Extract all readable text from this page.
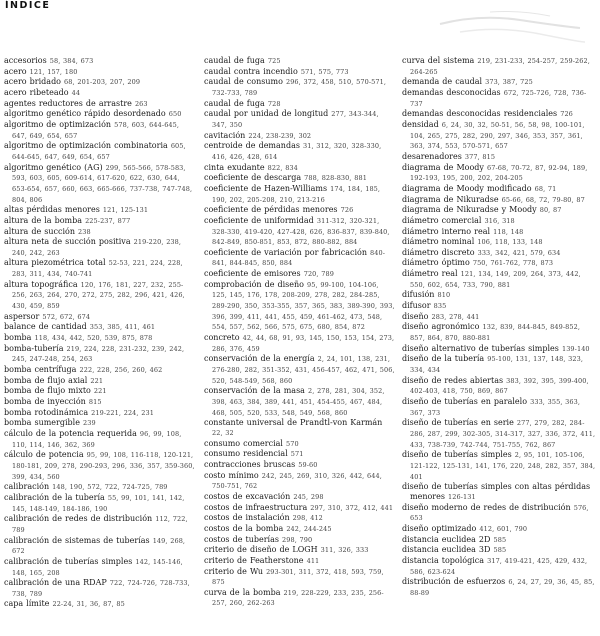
ÍNDICE

accesorios 58, 384, 673

acero 121, 157, 180

acero bridado 68, 201-203, 207, 209

acero ribeteado 44

agentes reductores de arrastre 263

algoritmo genético rápido desordenado 650

algoritmo de optimización 578, 603, 644-645, 647, 649, 654, 657

algoritmo de optimización combinatoria 605, 644-645, 647, 649, 654, 657

algoritmo genético (AG) 299, 565-566, 578-583, 593, 603, 605, 609-614, 617-620, 622, 630, 644, 653-654, 657, 660, 663, 665-666, 737-738, 747-748, 804, 806

altas pérdidas menores 121, 125-131

altura de la bomba 225-237, 877

altura de succión 238

altura neta de succión positiva 219-220, 238, 240, 242, 263

altura piezométrica total 52-53, 221, 224, 228, 283, 311, 434, 740-741

altura topográfica 120, 176, 181, 227, 232, 255-256, 263, 264, 270, 272, 275, 282, 296, 421, 426, 430, 459, 859

aspersor 572, 672, 674

balance de cantidad 353, 385, 411, 461

bomba 118, 434, 442, 520, 539, 875, 878

bomba-tubería 219, 224, 228, 231-232, 239, 242, 245, 247-248, 254, 263

bomba centrífuga 222, 228, 256, 260, 462

bomba de flujo axial 221

bomba de flujo mixto 221

bomba de inyección 815

bomba rotodinámica 219-221, 224, 231

bomba sumergible 239

cálculo de la potencia requerida 96, 99, 108, 110, 114, 146, 362, 369

cálculo de potencia 95, 99, 108, 116-118, 120-121, 180-181, 209, 278, 290-293, 296, 336, 357, 359-360, 399, 434, 560

calibración 148, 190, 572, 722, 724-725, 789

calibración de la tubería 55, 99, 101, 141, 142, 145, 148-149, 184-186, 190

calibración de redes de distribución 112, 722, 789

calibración de sistemas de tuberías 149, 268, 672

calibración de tuberías simples 142, 145-146, 148, 165, 208

calibración de una RDAP 722, 724-726, 728-733, 738, 789

capa límite 22-24, 31, 36, 87, 85

caudal de fuga 725

caudal contra incendio 571, 575, 773

caudal de consumo 296, 372, 458, 510, 570-571, 732-733, 789

caudal de fuga 728

caudal por unidad de longitud 277, 343-344, 347, 350

cavitación 224, 238-239, 302

centroide de demandas 31, 312, 320, 328-330, 416, 426, 428, 614

cinta exudante 822, 834

coeficiente de descarga 788, 828-830, 881

coeficiente de Hazen-Williams 174, 184, 185, 190, 202, 205-208, 210, 213-216

coeficiente de pérdidas menores 726

coeficiente de uniformidad 311-312, 320-321, 328-330, 419-420, 427-428, 626, 836-837, 839-840, 842-849, 850-851, 853, 872, 880-882, 884

coeficiente de variación por fabricación 840-841, 844-845, 850, 884

coeficiente de emisores 720, 789

comprobación de diseño 95, 99-100, 104-106, 125, 145, 176, 178, 208-209, 278, 282, 284-285, 289-290, 350, 353-355, 357, 365, 383, 389-390, 393, 396, 399, 411, 441, 455, 459, 461-462, 473, 548, 554, 557, 562, 566, 575, 675, 680, 854, 872

concreto 42, 44, 68, 91, 93, 145, 150, 153, 154, 273, 286, 376, 459

conservación de la energía 2, 24, 101, 138, 231, 276-280, 282, 351-352, 431, 456-457, 462, 471, 506, 520, 548-549, 568, 860

conservación de la masa 2, 278, 281, 304, 352, 398, 463, 384, 389, 441, 451, 454-455, 467, 484, 468, 505, 520, 533, 548, 549, 568, 860

constante universal de Prandtl-von Karmán 22, 32

consumo comercial 570

consumo residencial 571

contracciones bruscas 59-60

costo mínimo 242, 245, 269, 310, 326, 442, 644, 750-751, 762

costos de excavación 245, 298

costos de infraestructura 297, 310, 372, 412, 441

costos de instalación 298, 412

costos de la bomba 242, 244-245

costos de tuberías 298, 790

criterio de diseño de LOGH 311, 326, 333

criterio de Featherstone 411

criterio de Wu 293-301, 311, 372, 418, 593, 759, 875

curva de la bomba 219, 228-229, 233, 235, 256-257, 260, 262-263

curva del sistema 219, 231-233, 254-257, 259-262, 264-265

demanda de caudal 373, 387, 725

demandas desconocidas 672, 725-726, 728, 736-737

demandas desconocidas residenciales 726

densidad 6, 24, 30, 32, 50-51, 56, 58, 98, 100-101, 104, 265, 275, 282, 290, 297, 346, 353, 357, 361, 363, 374, 553, 570-571, 657

desarenadores 377, 815

diagrama de Moody 67-68, 70-72, 87, 92-94, 189, 192-193, 195, 200, 202, 204-205

diagrama de Moody modificado 68, 71

diagrama de Nikuradse 65-66, 68, 72, 79-80, 87

diagrama de Nikuradse y Moody 80, 87

diámetro comercial 316, 318

diámetro interno real 118, 148

diámetro nominal 106, 118, 133, 148

diámetro discreto 333, 342, 421, 579, 634

diámetro óptimo 750, 761-762, 778, 873

diámetro real 121, 134, 149, 209, 264, 373, 442, 550, 602, 654, 733, 790, 881

difusión 810

difusor 835

diseño 283, 278, 441

diseño agronómico 132, 839, 844-845, 849-852, 857, 864, 870, 880-881

diseño alternativo de tuberías simples 139-140

diseño de la tubería 95-100, 131, 137, 148, 323, 334, 434

diseño de redes abiertas 383, 392, 395, 399-400, 402-403, 418, 750, 869, 867

diseño de tuberías en paralelo 333, 355, 363, 367, 373

diseño de tuberías en serie 277, 279, 282, 284-286, 287, 299, 302-305, 314-317, 327, 336, 372, 411, 433, 738-739, 742-744, 751-755, 762, 867

diseño de tuberías simples 2, 95, 101, 105-106, 121-122, 125-131, 141, 176, 220, 248, 282, 357, 384, 401

diseño de tuberías simples con altas pérdidas menores 126-131

diseño moderno de redes de distribución 576, 653

diseño optimizado 412, 601, 790

distancia euclidea 2D 585

distancia euclidea 3D 585

distancia topológica 317, 419-421, 425, 429, 432, 586, 623-624

distribución de esfuerzos 6, 24, 27, 29, 36, 45, 85, 88-89
